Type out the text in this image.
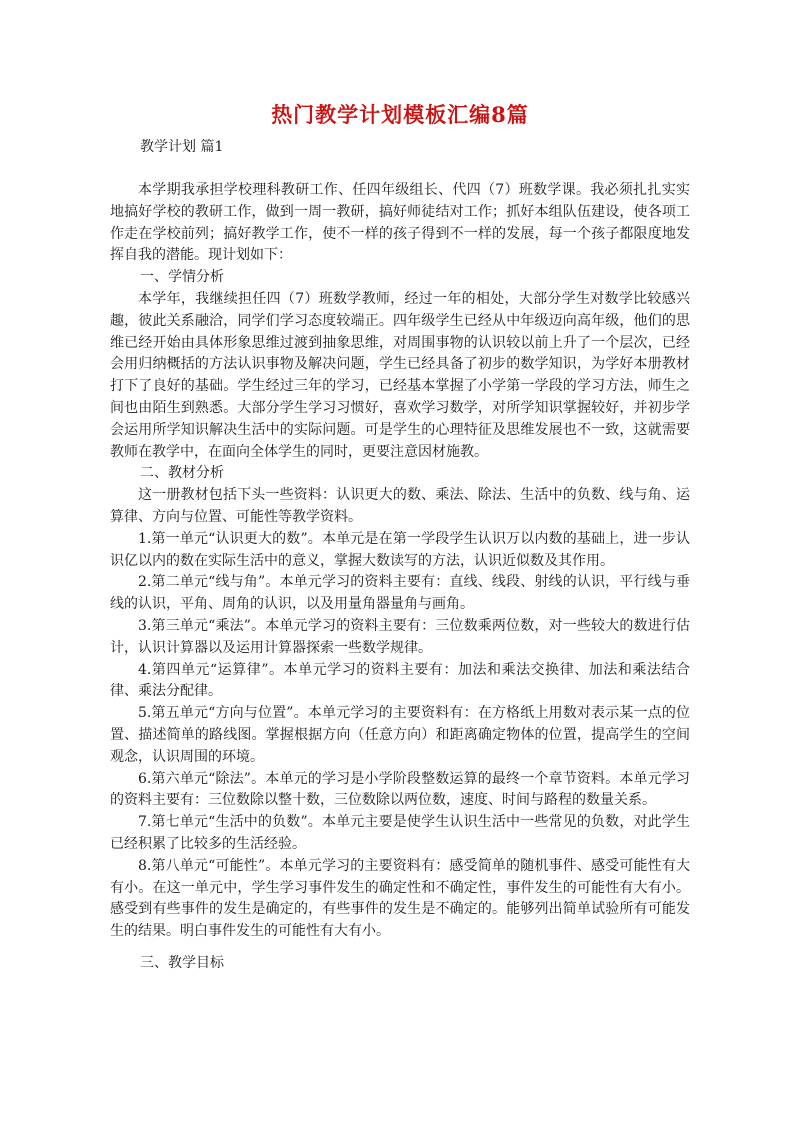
热门教学计划模板汇编8篇

教学计划 篇1

本学期我承担学校理科教研工作、任四年级组长、代四（7）班数学课。我必须扎扎实实地搞好学校的教研工作，做到一周一教研，搞好师徒结对工作；抓好本组队伍建设，使各项工作走在学校前列；搞好教学工作，使不一样的孩子得到不一样的发展，每一个孩子都限度地发挥自我的潜能。现计划如下：

一、学情分析

本学年，我继续担任四（7）班数学教师，经过一年的相处，大部分学生对数学比较感兴趣，彼此关系融洽，同学们学习态度较端正。四年级学生已经从中年级迈向高年级，他们的思维已经开始由具体形象思维过渡到抽象思维，对周围事物的认识较以前上升了一个层次，已经会用归纳概括的方法认识事物及解决问题，学生已经具备了初步的数学知识，为学好本册教材打下了良好的基础。学生经过三年的学习，已经基本掌握了小学第一学段的学习方法，师生之间也由陌生到熟悉。大部分学生学习习惯好，喜欢学习数学，对所学知识掌握较好，并初步学会运用所学知识解决生活中的实际问题。可是学生的心理特征及思维发展也不一致，这就需要教师在教学中，在面向全体学生的同时，更要注意因材施教。

二、教材分析

这一册教材包括下头一些资料：认识更大的数、乘法、除法、生活中的负数、线与角、运算律、方向与位置、可能性等教学资料。

1.第一单元“认识更大的数”。本单元是在第一学段学生认识万以内数的基础上，进一步认识亿以内的数在实际生活中的意义，掌握大数读写的方法，认识近似数及其作用。

2.第二单元“线与角”。本单元学习的资料主要有：直线、线段、射线的认识，平行线与垂线的认识，平角、周角的认识，以及用量角器量角与画角。

3.第三单元“乘法”。本单元学习的资料主要有：三位数乘两位数，对一些较大的数进行估计，认识计算器以及运用计算器探索一些数学规律。

4.第四单元“运算律”。本单元学习的资料主要有：加法和乘法交换律、加法和乘法结合律、乘法分配律。

5.第五单元“方向与位置”。本单元学习的主要资料有：在方格纸上用数对表示某一点的位置、描述简单的路线图。掌握根据方向（任意方向）和距离确定物体的位置，提高学生的空间观念，认识周围的环境。

6.第六单元“除法”。本单元的学习是小学阶段整数运算的最终一个章节资料。本单元学习的资料主要有：三位数除以整十数，三位数除以两位数，速度、时间与路程的数量关系。

7.第七单元“生活中的负数”。本单元主要是使学生认识生活中一些常见的负数，对此学生已经积累了比较多的生活经验。

8.第八单元“可能性”。本单元学习的主要资料有：感受简单的随机事件、感受可能性有大有小。在这一单元中，学生学习事件发生的确定性和不确定性，事件发生的可能性有大有小。感受到有些事件的发生是确定的，有些事件的发生是不确定的。能够列出简单试验所有可能发生的结果。明白事件发生的可能性有大有小。

三、教学目标
